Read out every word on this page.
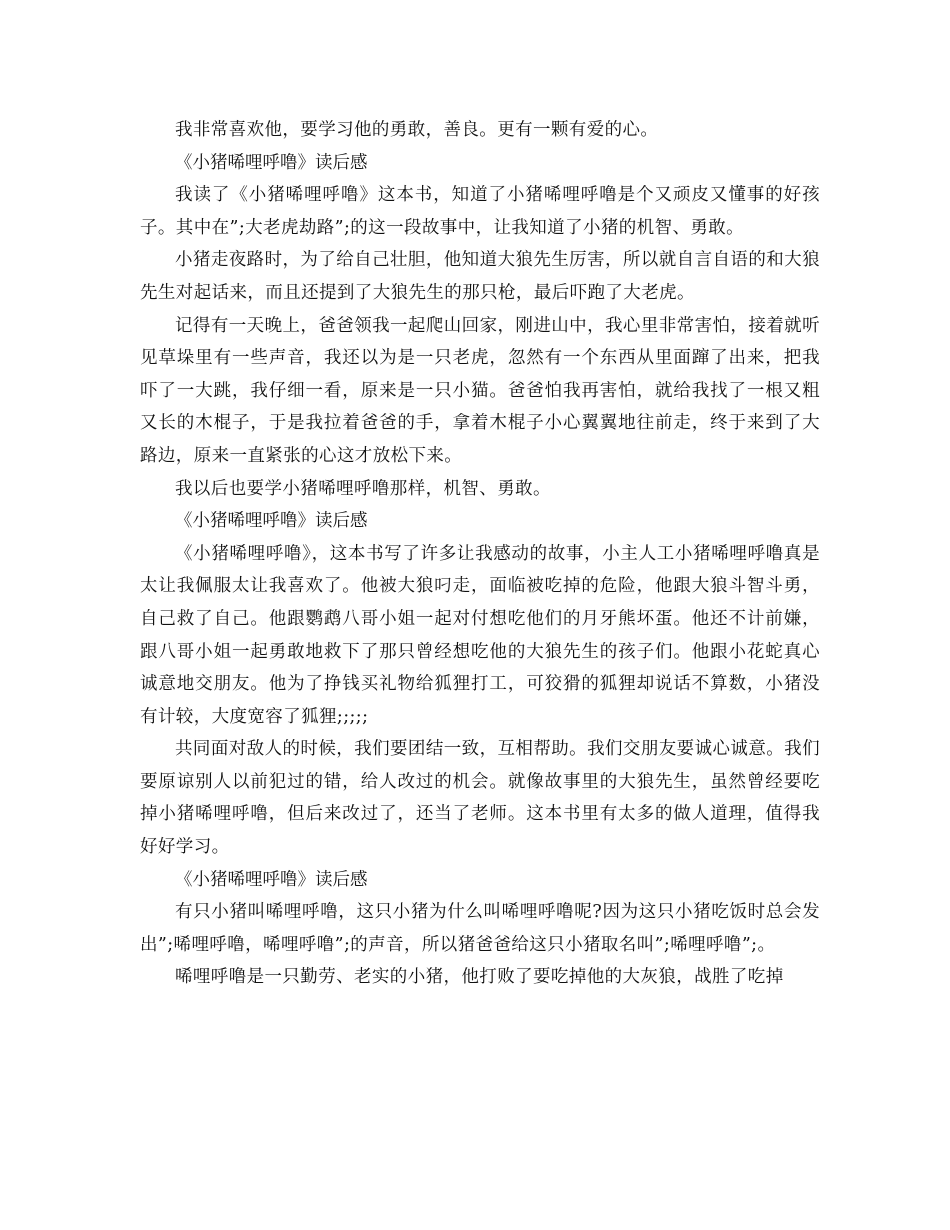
我非常喜欢他，要学习他的勇敢，善良。更有一颗有爱的心。

《小猪唏哩呼噜》读后感

我读了《小猪唏哩呼噜》这本书，知道了小猪唏哩呼噜是个又顽皮又懂事的好孩子。其中在”;大老虎劫路”;的这一段故事中，让我知道了小猪的机智、勇敢。

小猪走夜路时，为了给自己壮胆，他知道大狼先生厉害，所以就自言自语的和大狼先生对起话来，而且还提到了大狼先生的那只枪，最后吓跑了大老虎。

记得有一天晚上，爸爸领我一起爬山回家，刚进山中，我心里非常害怕，接着就听见草垛里有一些声音，我还以为是一只老虎，忽然有一个东西从里面蹿了出来，把我吓了一大跳，我仔细一看，原来是一只小猫。爸爸怕我再害怕，就给我找了一根又粗又长的木棍子，于是我拉着爸爸的手，拿着木棍子小心翼翼地往前走，终于来到了大路边，原来一直紧张的心这才放松下来。

我以后也要学小猪唏哩呼噜那样，机智、勇敢。

《小猪唏哩呼噜》读后感

《小猪唏哩呼噜》，这本书写了许多让我感动的故事，小主人工小猪唏哩呼噜真是太让我佩服太让我喜欢了。他被大狼叼走，面临被吃掉的危险，他跟大狼斗智斗勇，自己救了自己。他跟鹦鹉八哥小姐一起对付想吃他们的月牙熊坏蛋。他还不计前嫌，跟八哥小姐一起勇敢地救下了那只曾经想吃他的大狼先生的孩子们。他跟小花蛇真心诚意地交朋友。他为了挣钱买礼物给狐狸打工，可狡猾的狐狸却说话不算数，小猪没有计较，大度宽容了狐狸;;;;;

共同面对敌人的时候，我们要团结一致，互相帮助。我们交朋友要诚心诚意。我们要原谅别人以前犯过的错，给人改过的机会。就像故事里的大狼先生，虽然曾经要吃掉小猪唏哩呼噜，但后来改过了，还当了老师。这本书里有太多的做人道理，值得我好好学习。

《小猪唏哩呼噜》读后感

有只小猪叫唏哩呼噜，这只小猪为什么叫唏哩呼噜呢?因为这只小猪吃饭时总会发出”;唏哩呼噜，唏哩呼噜”;的声音，所以猪爸爸给这只小猪取名叫”;唏哩呼噜”;。

唏哩呼噜是一只勤劳、老实的小猪，他打败了要吃掉他的大灰狼，战胜了吃掉
